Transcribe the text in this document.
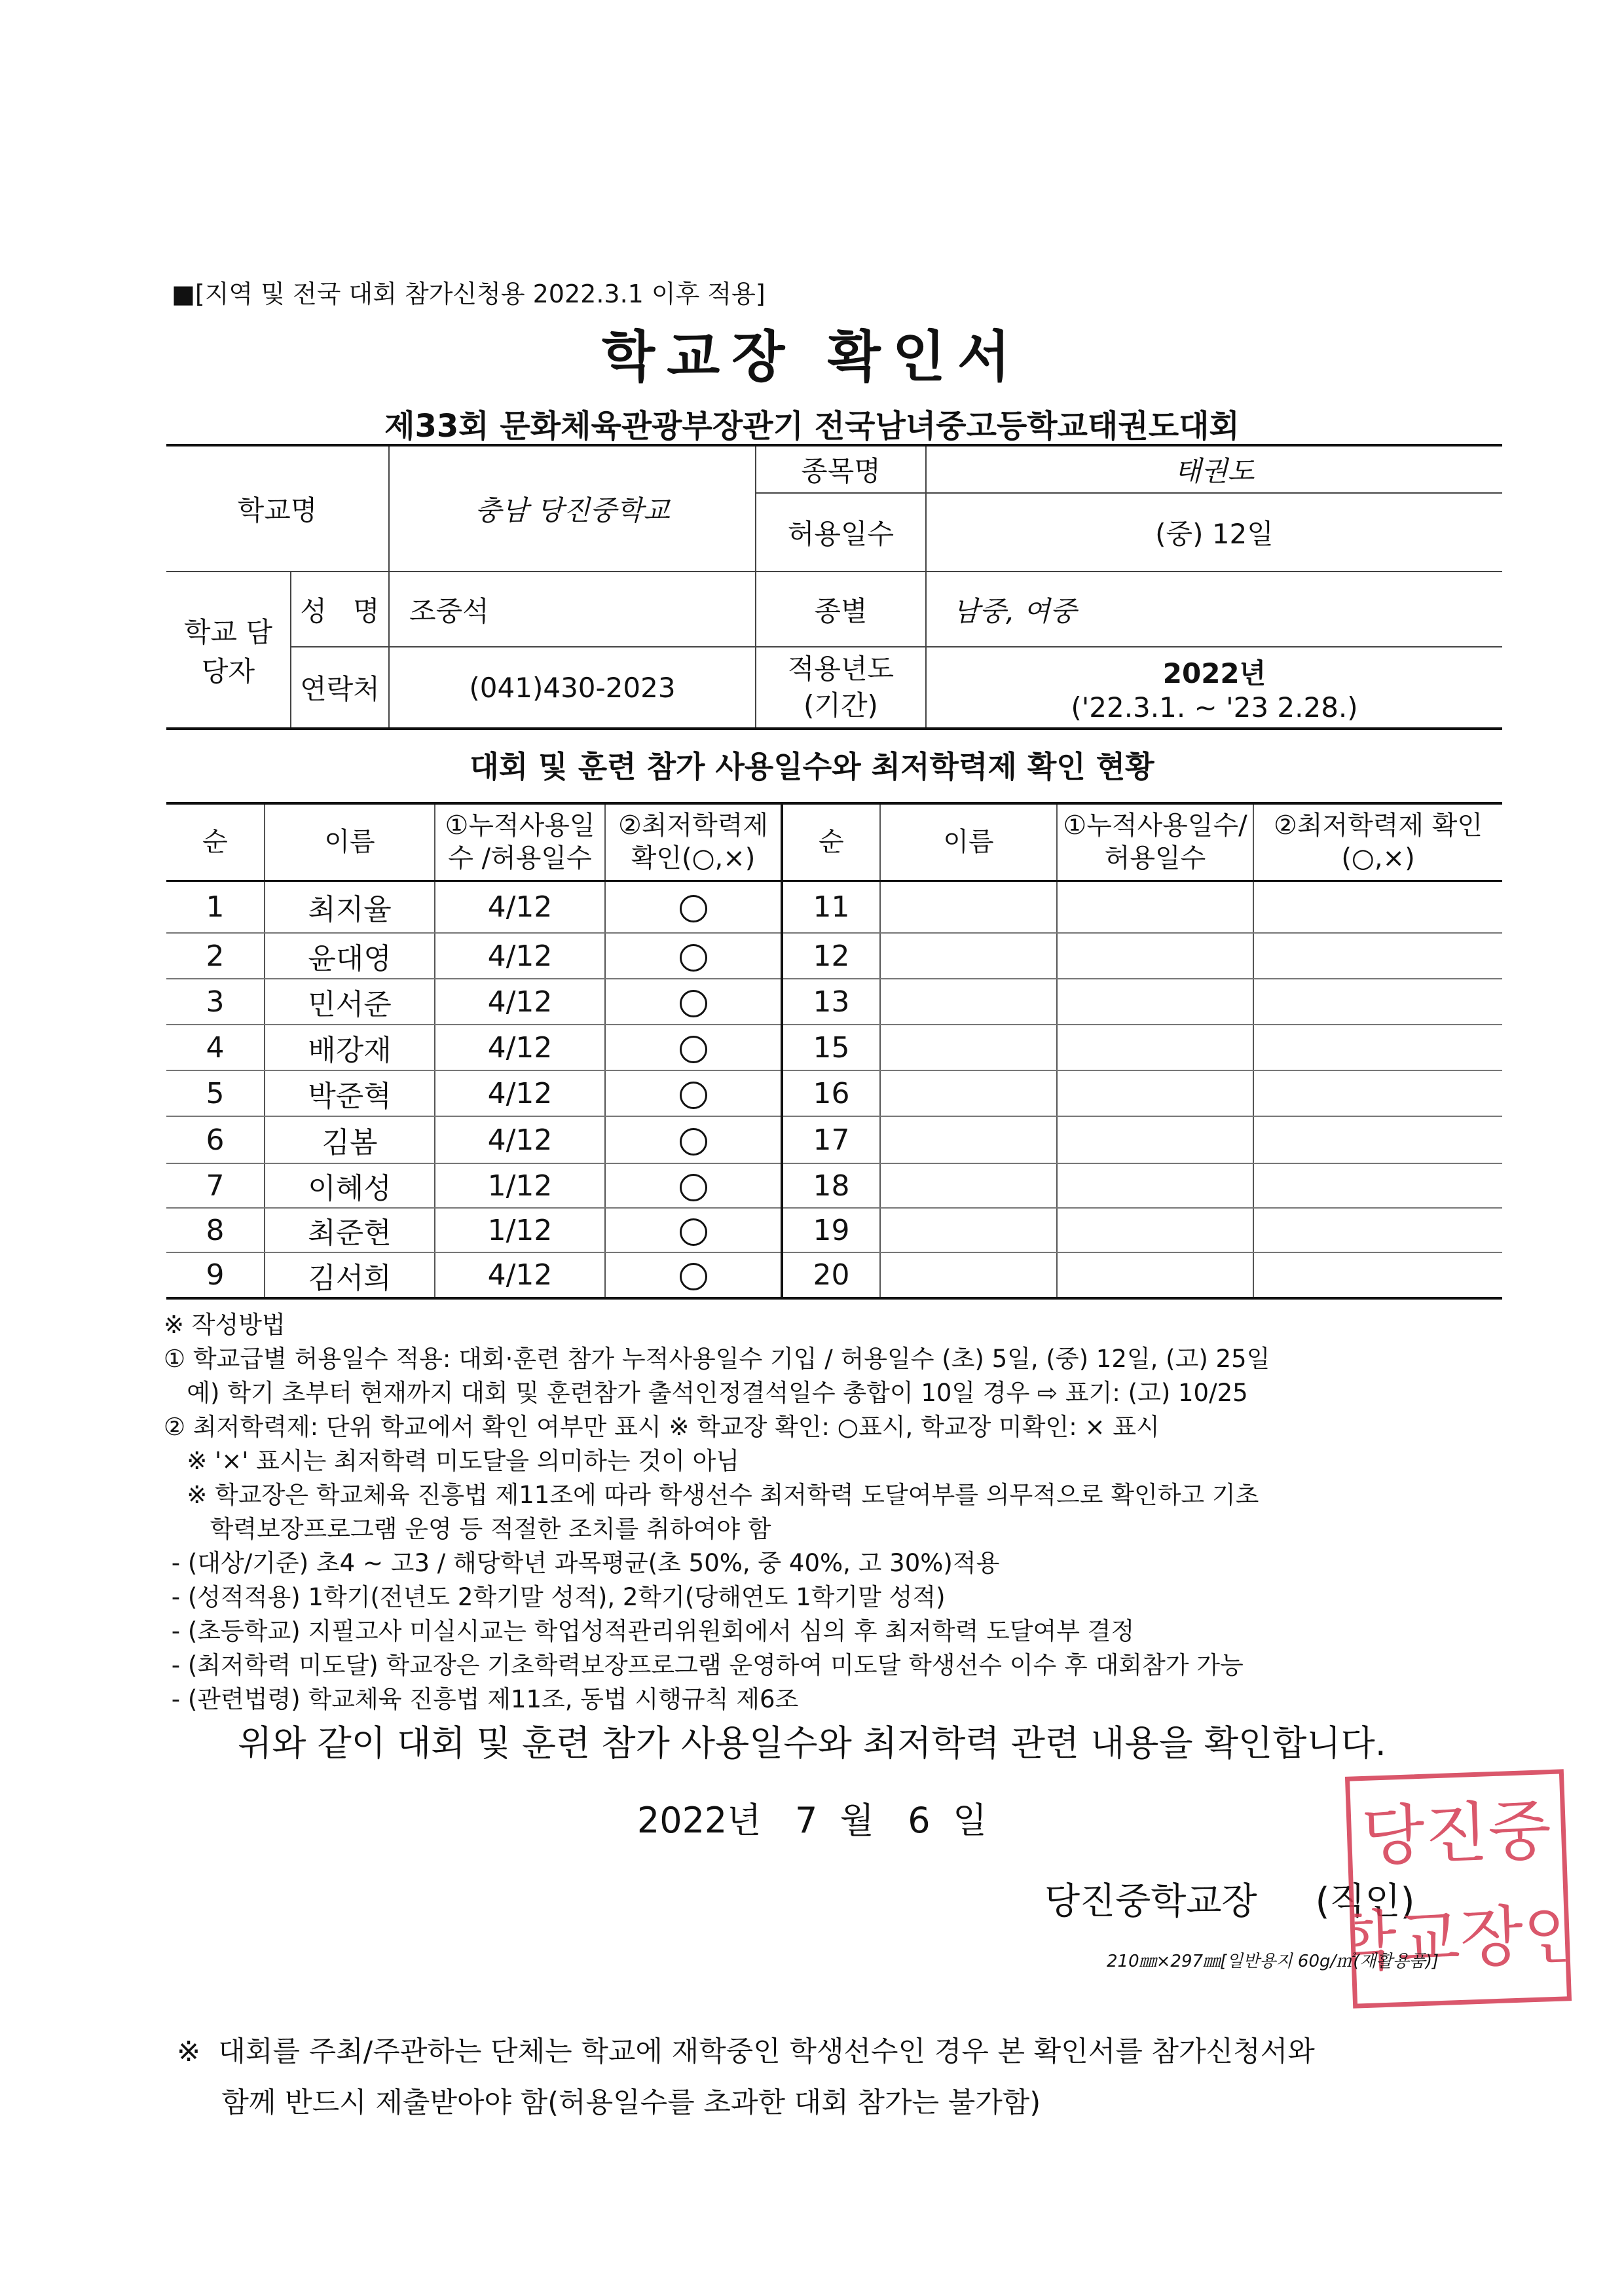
■[지역 및 전국 대회 참가신청용 2022.3.1 이후 적용]
학교장 확인서
제33회 문화체육관광부장관기 전국남녀중고등학교태권도대회
학교명		충남 당진중학교	종목명	태권도
			허용일수	(중) 12일
학교 담당자	성   명	조중석	종별	남중, 여중
	연락처	(041)430-2023	적용년도 (기간)	2022년
('22.3.1. ~ '23 2.28.)
대회 및 훈련 참가 사용일수와 최저학력제 확인 현황
순	이름	①누적사용일수 /허용일수	②최저학력제 확인(○,×)	순	이름	①누적사용일수/ 허용일수	②최저학력제 확인(○,×)
1	최지율	4/12		11			
2	윤대영	4/12		12			
3	민서준	4/12		13			
4	배강재	4/12		15			
5	박준혁	4/12		16			
6	김봄	4/12		17			
7	이혜성	1/12		18			
8	최준현	1/12		19			
9	김서희	4/12		20			
※ 작성방법
① 학교급별 허용일수 적용: 대회·훈련 참가 누적사용일수 기입 / 허용일수 (초) 5일, (중) 12일, (고) 25일
예) 학기 초부터 현재까지 대회 및 훈련참가 출석인정결석일수 총합이 10일 경우 ⇨ 표기: (고) 10/25
② 최저학력제: 단위 학교에서 확인 여부만 표시 ※ 학교장 확인: ○표시, 학교장 미확인: × 표시
※ '×' 표시는 최저학력 미도달을 의미하는 것이 아님
※ 학교장은 학교체육 진흥법 제11조에 따라 학생선수 최저학력 도달여부를 의무적으로 확인하고 기초
학력보장프로그램 운영 등 적절한 조치를 취하여야 함
- (대상/기준) 초4 ~ 고3 / 해당학년 과목평균(초 50%, 중 40%, 고 30%)적용
- (성적적용) 1학기(전년도 2학기말 성적), 2학기(당해연도 1학기말 성적)
- (초등학교) 지필고사 미실시교는 학업성적관리위원회에서 심의 후 최저학력 도달여부 결정
- (최저학력 미도달) 학교장은 기초학력보장프로그램 운영하여 미도달 학생선수 이수 후 대회참가 가능
- (관련법령) 학교체육 진흥법 제11조, 동법 시행규칙 제6조
위와 같이 대회 및 훈련 참가 사용일수와 최저학력 관련 내용을 확인합니다.
2022년   7  월   6  일
당진중학교장     (직인)
당진중
학교장인
210㎜×297㎜[일반용지 60g/㎡(재활용품)]
※  대회를 주최/주관하는 단체는 학교에 재학중인 학생선수인 경우 본 확인서를 참가신청서와
함께 반드시 제출받아야 함(허용일수를 초과한 대회 참가는 불가함)
